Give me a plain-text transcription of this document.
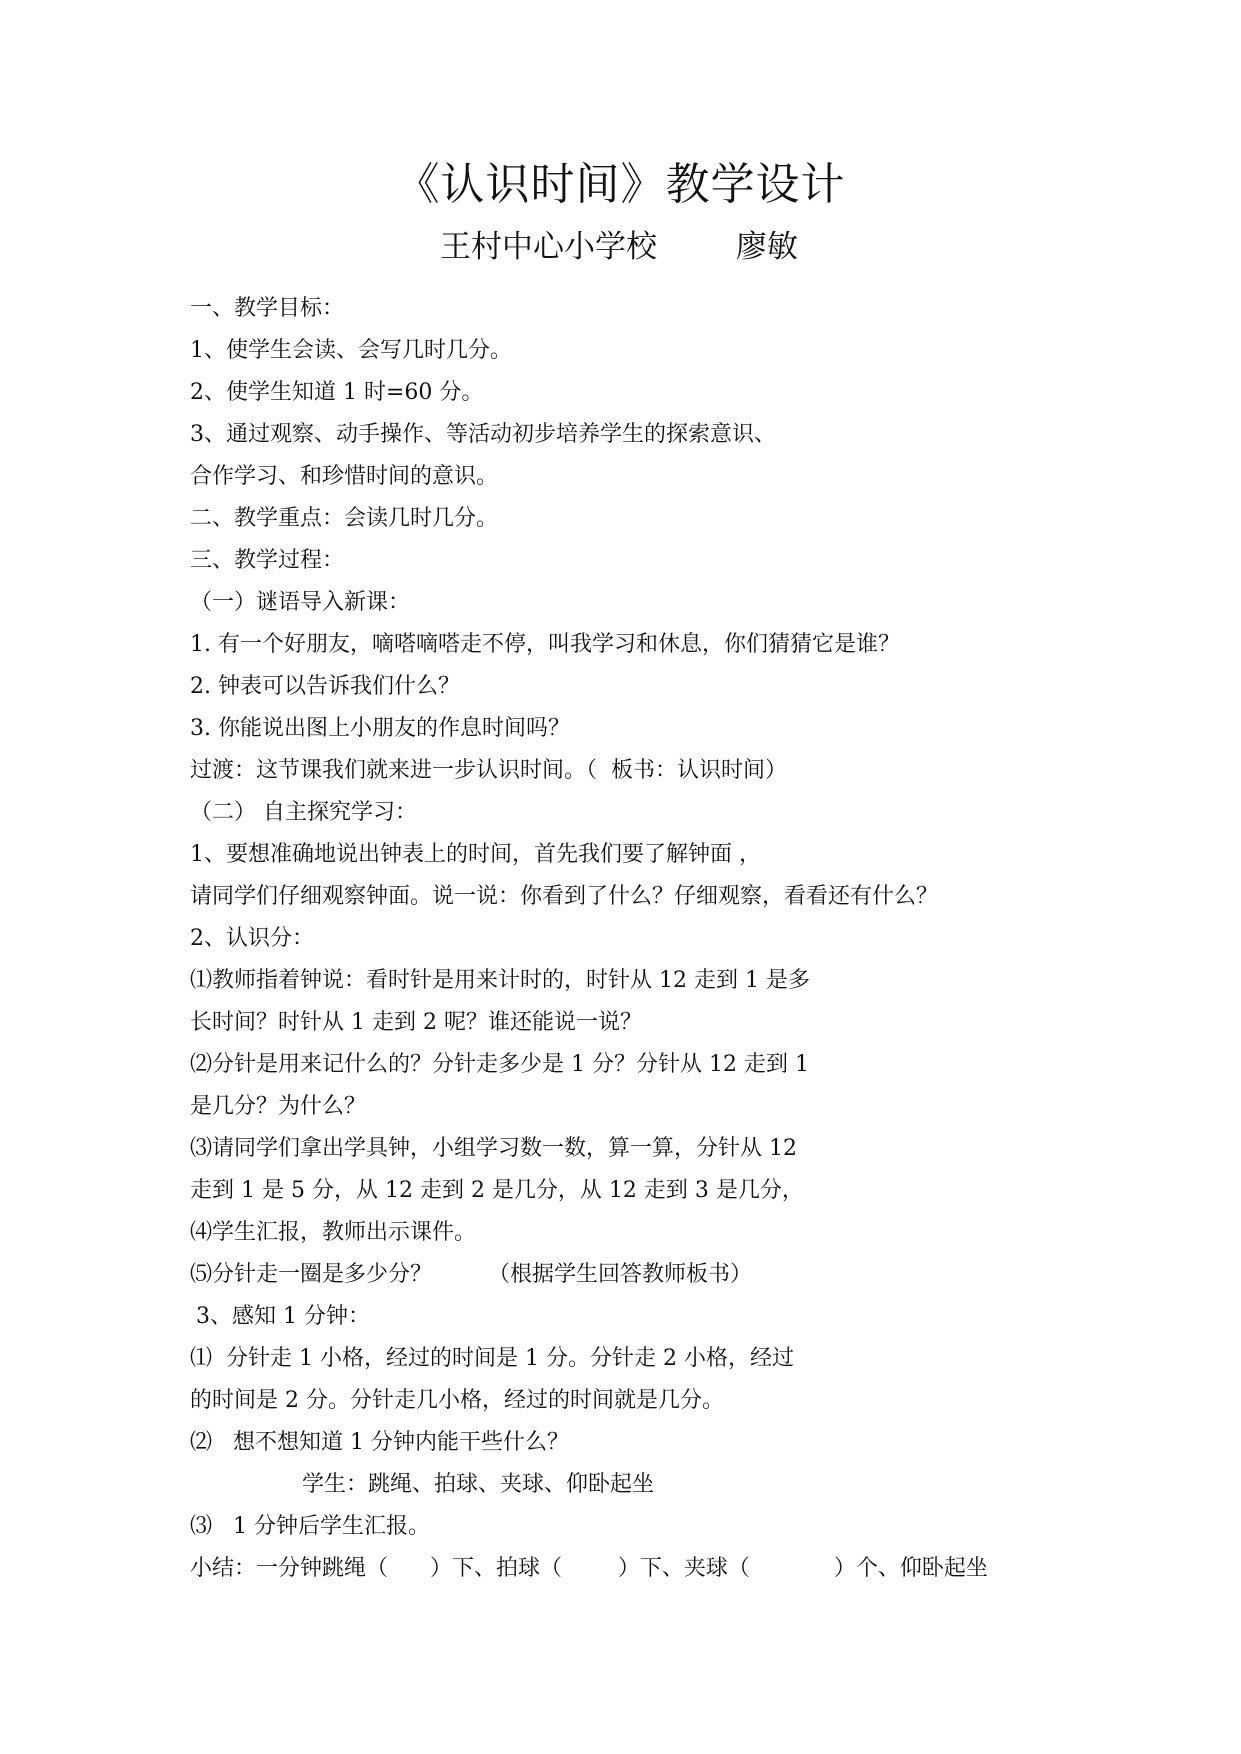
《认识时间》教学设计
王村中心小学校        廖敏
一、教学目标：
1、使学生会读、会写几时几分。
2、使学生知道 1 时=60 分。
3、通过观察、动手操作、等活动初步培养学生的探索意识、
合作学习、和珍惜时间的意识。
二、教学重点：会读几时几分。
三、教学过程：
（一）谜语导入新课：
1. 有一个好朋友，嘀嗒嘀嗒走不停，叫我学习和休息，你们猜猜它是谁？
2. 钟表可以告诉我们什么？
3. 你能说出图上小朋友的作息时间吗？
过渡：这节课我们就来进一步认识时间。（  板书：认识时间）
（二） 自主探究学习：
1、要想准确地说出钟表上的时间，首先我们要了解钟面 ，
请同学们仔细观察钟面。说一说：你看到了什么？仔细观察，看看还有什么？
2、认识分：
⑴教师指着钟说：看时针是用来计时的，时针从 12 走到 1 是多
长时间？时针从 1 走到 2 呢？谁还能说一说？
⑵分针是用来记什么的？分针走多少是 1 分？分针从 12 走到 1
是几分？为什么？
⑶请同学们拿出学具钟，小组学习数一数，算一算，分针从 12
走到 1 是 5 分，从 12 走到 2 是几分，从 12 走到 3 是几分，
⑷学生汇报，教师出示课件。
⑸分针走一圈是多少分？        （根据学生回答教师板书）
3、感知 1 分钟：
⑴  分针走 1 小格，经过的时间是 1 分。分针走 2 小格，经过
的时间是 2 分。分针走几小格，经过的时间就是几分。
⑵   想不想知道 1 分钟内能干些什么？
学生：跳绳、拍球、夹球、仰卧起坐
⑶   1 分钟后学生汇报。
小结：一分钟跳绳（      ）下、拍球（        ）下、夹球（            ）个、仰卧起坐
